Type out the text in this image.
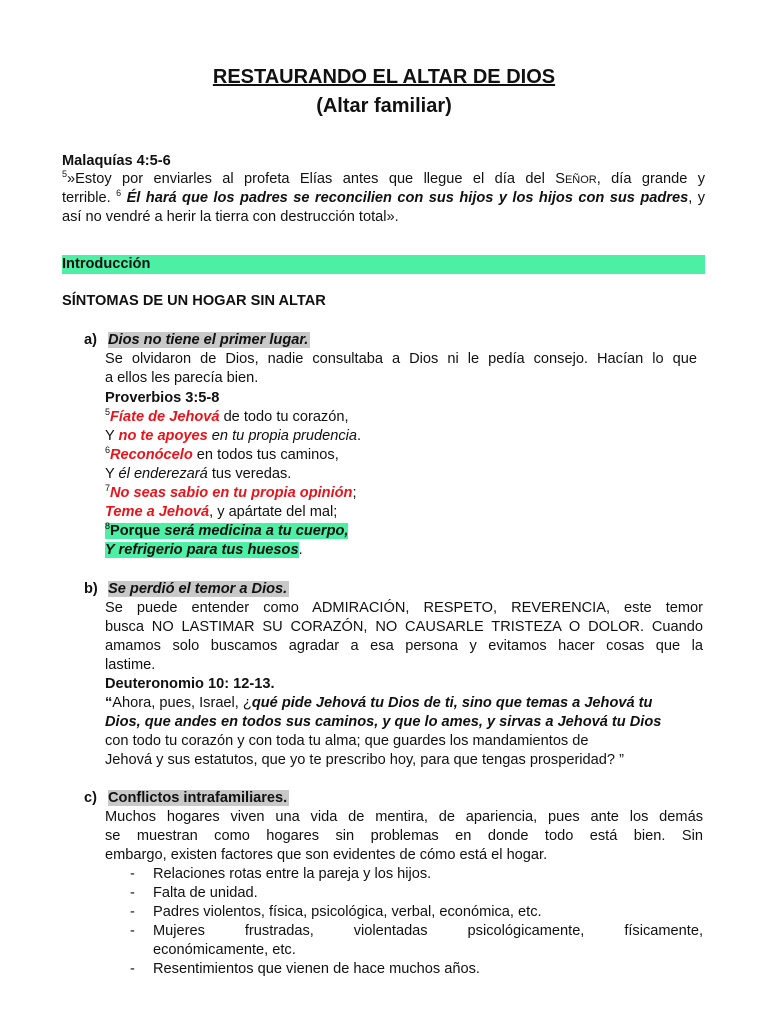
RESTAURANDO EL ALTAR DE DIOS
(Altar familiar)
Malaquías 4:5-6
$^5$»Estoy por enviarles al profeta Elías antes que llegue el día del SEÑOR, día grande y
terrible. $^6$ Él hará que los padres se reconcilien con sus hijos y los hijos con sus padres, y
así no vendré a herir la tierra con destrucción total».
Introducción
SÍNTOMAS DE UN HOGAR SIN ALTAR
a) Dios no tiene el primer lugar.
Se olvidaron de Dios, nadie consultaba a Dios ni le pedía consejo. Hacían lo que
a ellos les parecía bien.
Proverbios 3:5-8
$^5$Fíate de Jehová de todo tu corazón,
Y no te apoyes en tu propia prudencia.
$^6$Reconócelo en todos tus caminos,
Y él enderezará tus veredas.
$^7$No seas sabio en tu propia opinión;
Teme a Jehová, y apártate del mal;
$^8$Porque será medicina a tu cuerpo,
Y refrigerio para tus huesos.
b) Se perdió el temor a Dios.
Se puede entender como ADMIRACIÓN, RESPETO, REVERENCIA, este temor
busca NO LASTIMAR SU CORAZÓN, NO CAUSARLE TRISTEZA O DOLOR. Cuando
amamos solo buscamos agradar a esa persona y evitamos hacer cosas que la
lastime.
Deuteronomio 10: 12-13.
“Ahora, pues, Israel, ¿qué pide Jehová tu Dios de ti, sino que temas a Jehová tu
Dios, que andes en todos sus caminos, y que lo ames, y sirvas a Jehová tu Dios
con todo tu corazón y con toda tu alma; que guardes los mandamientos de
Jehová y sus estatutos, que yo te prescribo hoy, para que tengas prosperidad? ”
c) Conflictos intrafamiliares.
Muchos hogares viven una vida de mentira, de apariencia, pues ante los demás
se muestran como hogares sin problemas en donde todo está bien. Sin
embargo, existen factores que son evidentes de cómo está el hogar.
- Relaciones rotas entre la pareja y los hijos.
- Falta de unidad.
- Padres violentos, física, psicológica, verbal, económica, etc.
- Mujeres frustradas, violentadas psicológicamente, físicamente,
económicamente, etc.
- Resentimientos que vienen de hace muchos años.
